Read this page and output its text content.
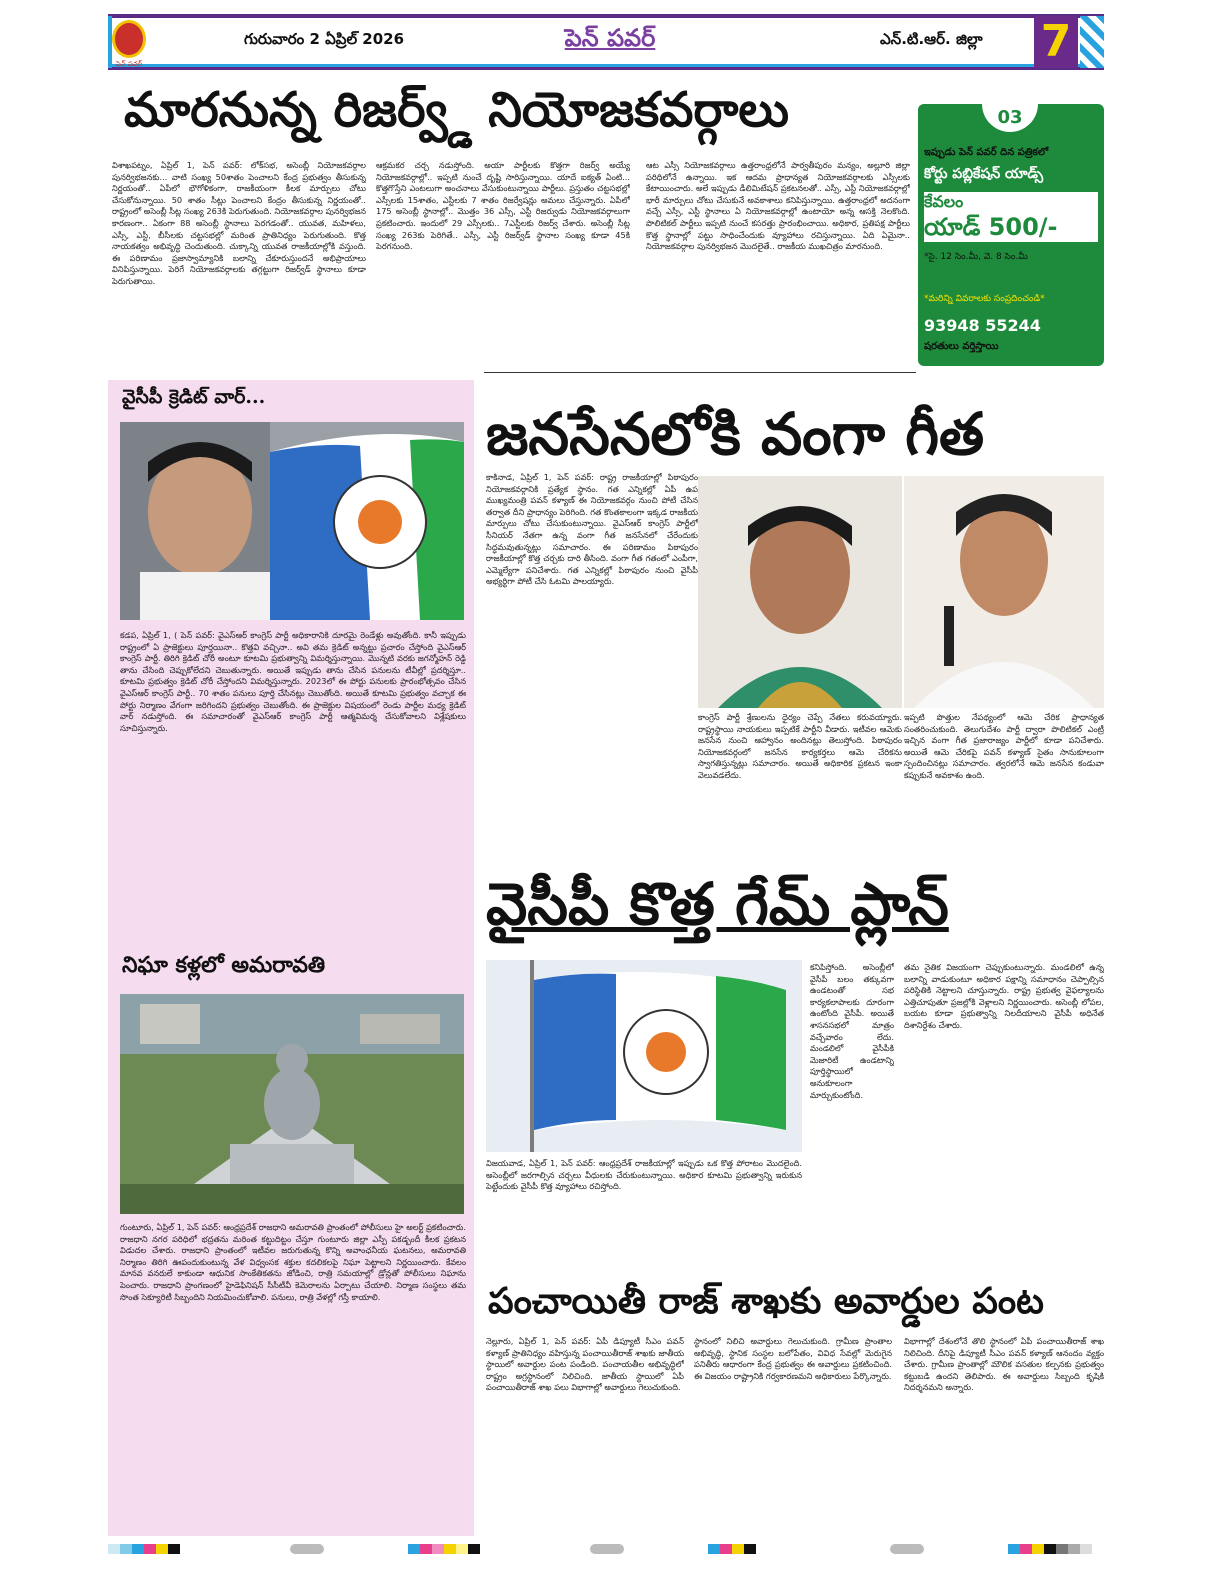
పెన్ పవర్
గురువారం 2 ఏప్రిల్ 2026	పెన్ పవర్	ఎన్.టి.ఆర్. జిల్లా 7
మారనున్న రిజర్వ్డ్ నియోజకవర్గాలు
విశాఖపట్నం, ఏప్రిల్ 1, పెన్ పవర్: లోక్‌సభ, అసెంబ్లీ నియోజకవర్గాల పునర్విభజనకు... వాటి సంఖ్య 50శాతం పెంచాలని కేంద్ర ప్రభుత్వం తీసుకున్న నిర్ణయంతో.. ఏపీలో భౌగోళికంగా, రాజకీయంగా కీలక మార్పులు చోటు చేసుకోనున్నాయి. 50 శాతం సీట్లు పెంచాలని కేంద్రం తీసుకున్న నిర్ణయంతో.. రాష్ట్రంలో అసెంబ్లీ సీట్ల సంఖ్య 263కి పెరుగుతుంది. నియోజకవర్గాల పునర్విభజన కారణంగా.. ఏకంగా 88 అసెంబ్లీ స్థానాలు పెరగడంతో.. యువత, మహిళలు, ఎస్సీ, ఎస్టీ, బీసీలకు చట్టసభల్లో మరింత ప్రాతినిధ్యం పెరుగుతుంది. కొత్త నాయకత్వం అభివృద్ధి చెందుతుంది. చుక్కాన్ని యువత రాజకీయాల్లోకి వస్తుంది. ఈ పరిణామం ప్రజాస్వామ్యానికి బలాన్ని చేకూరుస్తుందనే అభిప్రాయాలు వినిపిస్తున్నాయి. పెరిగే నియోజకవర్గాలకు తగ్గట్టుగా రిజర్వ్‌డ్ స్థానాలు కూడా పెరుగుతాయి.
ఆక్రమకర చర్చ నడుస్తోంది. అయా పార్టీలకు కొత్తగా రిజర్వ్ అయ్యే నియోజకవర్గాల్లో.. ఇప్పటి నుంచే దృష్టి సారిస్తున్నాయి. యాదే ఐక్యత్ ఏంటి... కొత్తగొస్తేని ఎంటలుగా అంచనాలు వేసుకుంటున్నాయి పార్టీలు. ప్రస్తుతం చట్టసభల్లో ఎస్సీలకు 15శాతం, ఎస్టీలకు 7 శాతం రిజర్వేషన్లు అమలు చేస్తున్నారు. ఏపీలో 175 అసెంబ్లీ స్థానాల్లో.. మొత్తం 36 ఎస్సీ, ఎస్టీ రిజర్వుడు నియోజకవర్గాలుగా ప్రకటించారు. ఇందులో 29 ఎస్సీలకు.. 7ఎస్టీలకు రిజర్వ్ చేశారు. అసెంబ్లీ సీట్ల సంఖ్య 263కు పెరిగితే.. ఎస్సీ, ఎస్టీ రిజర్వ్‌డ్ స్థానాల సంఖ్య కూడా 45కి పెరగనుంది.
ఆట ఎస్సీ నియోజకవర్గాలు ఉత్తరాంధ్రలోనే పార్వతీపురం మన్యం, అల్లూరి జిల్లా పరిధిలోనే ఉన్నాయి. ఇక ఆదమ ప్రాధాన్యత నియోజకవర్గాలకు ఎస్సీలకు కేటాయించారు. అలే ఇప్పుడు డీలిమిటేషన్ ప్రకటనలతో.. ఎస్సీ, ఎస్టీ నియోజకవర్గాల్లో భారీ మార్పులు చోటు చేసుకునే అవకాశాలు కనిపిస్తున్నాయి. ఉత్తరాంధ్రలో అదనంగా వచ్చే ఎస్సీ, ఎస్టీ స్థానాలు ఏ నియోజకవర్గాల్లో ఉంటాయో అన్న ఆసక్తి నెలకొంది. పొలిటికల్ పార్టీలు ఇప్పటి నుంచే కసరత్తు ప్రారంభించాయి. అధికార, ప్రతిపక్ష పార్టీలు కొత్త స్థానాల్లో పట్టు సాధించేందుకు వ్యూహాలు రచిస్తున్నాయి. ఏది ఏమైనా.. నియోజకవర్గాల పునర్విభజన మొదలైతే.. రాజకీయ ముఖచిత్రం మారనుంది.
03
ఇప్పుడు పెన్ పవర్ దిన పత్రికలో
కోర్టు పబ్లికేషన్ యాడ్స్
కేవలం
యాడ్ 500/-
*సై. 12 సెం.మీ, వె. 8 సెం.మీ
*మరిన్ని వివరాలకు సంప్రదించండి*
93948 55244
షరతులు వర్తిస్తాయి
వైసీపీ క్రెడిట్ వార్...
కడప, ఏప్రిల్ 1, ( పెన్ పవర్: వైఎస్ఆర్ కాంగ్రెస్ పార్టీ అధికారానికి దూరమై రెండేళ్లు అవుతోంది. కానీ ఇప్పుడు రాష్ట్రంలో ఏ ప్రాజెక్టులు పూర్తయినా.. కొత్తవి వచ్చినా.. అవి తమ క్రెడిట్ అన్నట్టు ప్రచారం చేస్తోంది వైఎస్ఆర్ కాంగ్రెస్ పార్టీ. తిరిగి క్రెడిట్ చోరీ అంటూ కూటమి ప్రభుత్వాన్ని విమర్శిస్తున్నాయి. మొన్నటి వరకు జగన్మోహన్ రెడ్డి తాను చేసింది చెప్పుకోలేదని చెబుతున్నారు. అయితే ఇప్పుడు తాను చేసిన పనులను టీవీల్లో ప్రదర్శిస్తూ.. కూటమి ప్రభుత్వం క్రెడిట్ చోరీ చేస్తోందని విమర్శిస్తున్నారు. 2023లో ఈ పోర్టు పనులకు ప్రారంభోత్సవం చేసిన వైఎస్ఆర్ కాంగ్రెస్ పార్టీ.. 70 శాతం పనులు పూర్తి చేసినట్లు చెబుతోంది. అయితే కూటమి ప్రభుత్వం వచ్చాక ఈ పోర్టు నిర్మాణం వేగంగా జరిగిందని ప్రభుత్వం చెబుతోంది. ఈ ప్రాజెక్టుల విషయంలో రెండు పార్టీల మధ్య క్రెడిట్ వార్ నడుస్తోంది. ఈ సమాచారంతో వైఎస్ఆర్ కాంగ్రెస్ పార్టీ ఆత్మవిమర్శ చేసుకోవాలని విశ్లేషకులు సూచిస్తున్నారు.
నిఘా కళ్లలో అమరావతి
గుంటూరు, ఏప్రిల్ 1, పెన్ పవర్: ఆంధ్రప్రదేశ్ రాజధాని అమరావతి ప్రాంతంలో పోలీసులు హై అలర్ట్ ప్రకటించారు. రాజధాని నగర పరిధిలో భద్రతను మరింత కట్టుదిట్టం చేస్తూ గుంటూరు జిల్లా ఎస్పీ పకడ్బందీ కీలక ప్రకటన విడుదల చేశారు. రాజధాని ప్రాంతంలో ఇటీవల జరుగుతున్న కొన్ని అవాంఛనీయ ఘటనలు, అమరావతి నిర్మాణం తిరిగి ఊపందుకుంటున్న వేళ విధ్వంసక శక్తుల కదలికలపై నిఘా పెట్టాలని నిర్ణయించారు. కేవలం మానవ వనరులే కాకుండా ఆధునిక సాంకేతికతను జోడించి, రాత్రి సమయాల్లో డ్రోన్లతో పోలీసులు నిఘాను పెంచారు. రాజధాని ప్రాంగణంలో హైడెఫినిషన్ సీసీటీవీ కెమెరాలను ఏర్పాటు చేయాలి. నిర్మాణ సంస్థలు తమ సొంత సెక్యూరిటీ సిబ్బందిని నియమించుకోవాలి. పనులు, రాత్రి వేళల్లో గస్తీ కాయాలి.
జనసేనలోకి వంగా గీత
కాకినాడ, ఏప్రిల్ 1, పెన్ పవర్: రాష్ట్ర రాజకీయాల్లో పిఠాపురం నియోజకవర్గానికి ప్రత్యేక స్థానం. గత ఎన్నికల్లో ఏపీ ఉప ముఖ్యమంత్రి పవన్ కళ్యాణ్ ఈ నియోజకవర్గం నుంచి పోటీ చేసిన తర్వాత దీని ప్రాధాన్యం పెరిగింది. గత కొంతకాలంగా ఇక్కడ రాజకీయ మార్పులు చోటు చేసుకుంటున్నాయి. వైఎస్ఆర్ కాంగ్రెస్ పార్టీలో సీనియర్ నేతగా ఉన్న వంగా గీత జనసేనలో చేరేందుకు సిద్ధమవుతున్నట్లు సమాచారం. ఈ పరిణామం పిఠాపురం రాజకీయాల్లో కొత్త చర్చకు దారి తీసింది. వంగా గీత గతంలో ఎంపీగా, ఎమ్మెల్యేగా పనిచేశారు. గత ఎన్నికల్లో పిఠాపురం నుంచి వైసీపీ అభ్యర్థిగా పోటీ చేసి ఓటమి పాలయ్యారు.
కాంగ్రెస్ పార్టీ శ్రేణులను ధైర్యం చెప్పే నేతలు కరువయ్యారు. రాష్ట్రస్థాయి నాయకులు ఇప్పటికే పార్టీని వీడారు. ఇటీవల ఆమెకు జనసేన నుంచి ఆహ్వానం అందినట్లు తెలుస్తోంది. పిఠాపురం నియోజకవర్గంలో జనసేన కార్యకర్తలు ఆమె చేరికను స్వాగతిస్తున్నట్లు సమాచారం. అయితే అధికారిక ప్రకటన ఇంకా వెలువడలేదు.
ఇప్పటి పొత్తుల నేపథ్యంలో ఆమె చేరిక ప్రాధాన్యత సంతరించుకుంది. తెలుగుదేశం పార్టీ ద్వారా పొలిటికల్ ఎంట్రీ ఇచ్చిన వంగా గీత ప్రజారాజ్యం పార్టీలో కూడా పనిచేశారు. అయితే ఆమె చేరికపై పవన్ కళ్యాణ్ సైతం సానుకూలంగా స్పందించినట్లు సమాచారం. త్వరలోనే ఆమె జనసేన కండువా కప్పుకునే అవకాశం ఉంది.
వైసీపీ కొత్త గేమ్ ప్లాన్
విజయవాడ, ఏప్రిల్ 1, పెన్ పవర్: ఆంధ్రప్రదేశ్ రాజకీయాల్లో ఇప్పుడు ఒక కొత్త పోరాటం మొదలైంది. అసెంబ్లీలో జరగాల్సిన చర్చలు వీధులకు చేరుకుంటున్నాయి. అధికార కూటమి ప్రభుత్వాన్ని ఇరుకున పెట్టేందుకు వైసీపీ కొత్త వ్యూహాలు రచిస్తోంది.
కనిపిస్తోంది. అసెంబ్లీలో వైసీపీ బలం తక్కువగా ఉండటంతో సభ కార్యకలాపాలకు దూరంగా ఉంటోంది వైసీపీ. అయితే శాసనసభలో మాత్రం వచ్చేవారం లేదు. మండలిలో వైసీపీకి మెజారిటీ ఉండటాన్ని పూర్తిస్థాయిలో అనుకూలంగా మార్చుకుంటోంది.
తమ నైతిక విజయంగా చెప్పుకుంటున్నారు. మండలిలో ఉన్న బలాన్ని వాడుకుంటూ అధికార పక్షాన్ని సమాధానం చెప్పాల్సిన పరిస్థితికి నెట్టాలని చూస్తున్నారు. రాష్ట్ర ప్రభుత్వ వైఫల్యాలను ఎత్తిచూపుతూ ప్రజల్లోకి వెళ్లాలని నిర్ణయించారు. అసెంబ్లీ లోపల, బయట కూడా ప్రభుత్వాన్ని నిలదీయాలని వైసీపీ అధినేత దిశానిర్దేశం చేశారు.
పంచాయితీ రాజ్ శాఖకు అవార్డుల పంట
నెల్లూరు, ఏప్రిల్ 1, పెన్ పవర్: ఏపీ డిప్యూటీ సీఎం పవన్ కళ్యాణ్ ప్రాతినిధ్యం వహిస్తున్న పంచాయితీరాజ్ శాఖకు జాతీయ స్థాయిలో అవార్డుల పంట పండింది. పంచాయతీల అభివృద్ధిలో రాష్ట్రం అగ్రస్థానంలో నిలిచింది. జాతీయ స్థాయిలో ఏపీ పంచాయితీరాజ్ శాఖ పలు విభాగాల్లో అవార్డులు గెలుచుకుంది.
స్థానంలో నిలిచి అవార్డులు గెలుచుకుంది. గ్రామీణ ప్రాంతాల అభివృద్ధి, స్థానిక సంస్థల బలోపేతం, వివిధ సేవల్లో మెరుగైన పనితీరు ఆధారంగా కేంద్ర ప్రభుత్వం ఈ అవార్డులు ప్రకటించింది. ఈ విజయం రాష్ట్రానికి గర్వకారణమని అధికారులు పేర్కొన్నారు.
విభాగాల్లో దేశంలోనే తొలి స్థానంలో ఏపీ పంచాయితీరాజ్ శాఖ నిలిచింది. దీనిపై డిప్యూటీ సీఎం పవన్ కళ్యాణ్ ఆనందం వ్యక్తం చేశారు. గ్రామీణ ప్రాంతాల్లో మౌలిక వసతుల కల్పనకు ప్రభుత్వం కట్టుబడి ఉందని తెలిపారు. ఈ అవార్డులు సిబ్బంది కృషికి నిదర్శనమని అన్నారు.
